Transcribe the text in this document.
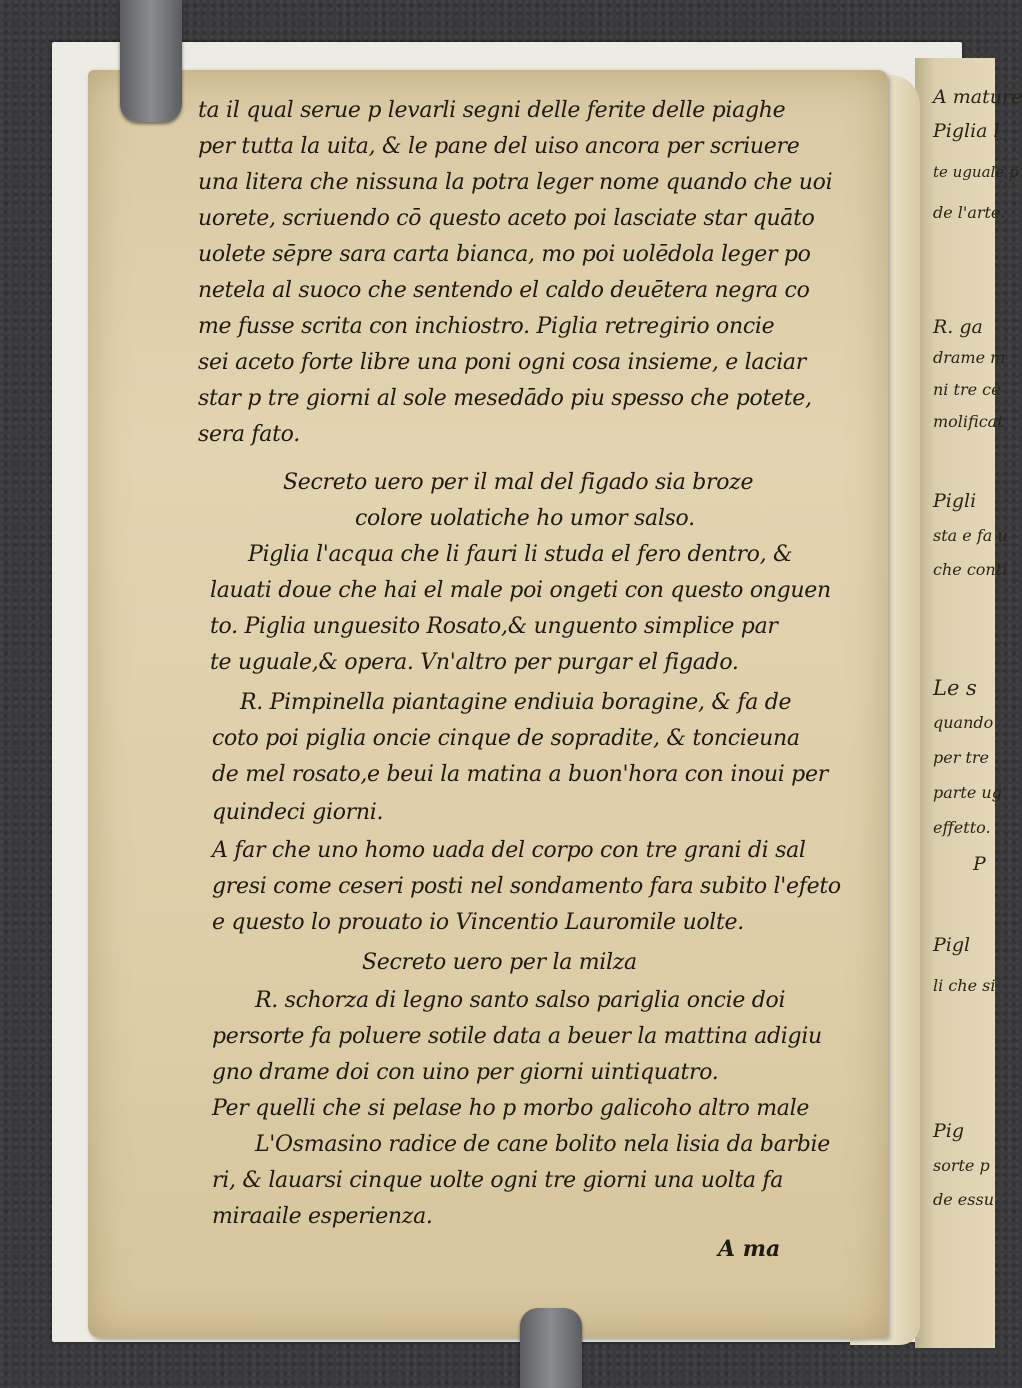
A mature
Piglia l
te uguale p
de l'arte.
R. ga
drame m
ni tre ce
molificat
Pigli
sta e fa u
che conti
Le s
quando
per tre
parte ug
effetto.
P
Pigl
li che si
Pig
sorte p
de essu
ta il qual serue p levarli segni delle ferite delle piaghe
per tutta la uita, & le pane del uiso ancora per scriuere
una litera che nissuna la potra leger nome quando che uoi
uorete, scriuendo cō questo aceto poi lasciate star quāto
uolete sēpre sara carta bianca, mo poi uolēdola leger po
netela al suoco che sentendo el caldo deuētera negra co
me fusse scrita con inchiostro. Piglia retregirio oncie
sei aceto forte libre una poni ogni cosa insieme, e laciar
star p tre giorni al sole mesedādo piu spesso che potete,
sera fato.
Secreto uero per il mal del figado sia broze
colore uolatiche ho umor salso.
Piglia l'acqua che li fauri li studa el fero dentro, &
lauati doue che hai el male poi ongeti con questo onguen
to. Piglia unguesito Rosato,& unguento simplice par
te uguale,& opera. Vn'altro per purgar el figado.
R. Pimpinella piantagine endiuia boragine, & fa de
coto poi piglia oncie cinque de sopradite, & toncieuna
de mel rosato,e beui la matina a buon'hora con inoui per
quindeci giorni.
A far che uno homo uada del corpo con tre grani di sal
gresi come ceseri posti nel sondamento fara subito l'efeto
e questo lo prouato io Vincentio Lauromile uolte.
Secreto uero per la milza
R. schorza di legno santo salso pariglia oncie doi
persorte fa poluere sotile data a beuer la mattina adigiu
gno drame doi con uino per giorni uintiquatro.
Per quelli che si pelase ho p morbo galicoho altro male
L'Osmasino radice de cane bolito nela lisia da barbie
ri, & lauarsi cinque uolte ogni tre giorni una uolta fa
miraaile esperienza.
A ma
